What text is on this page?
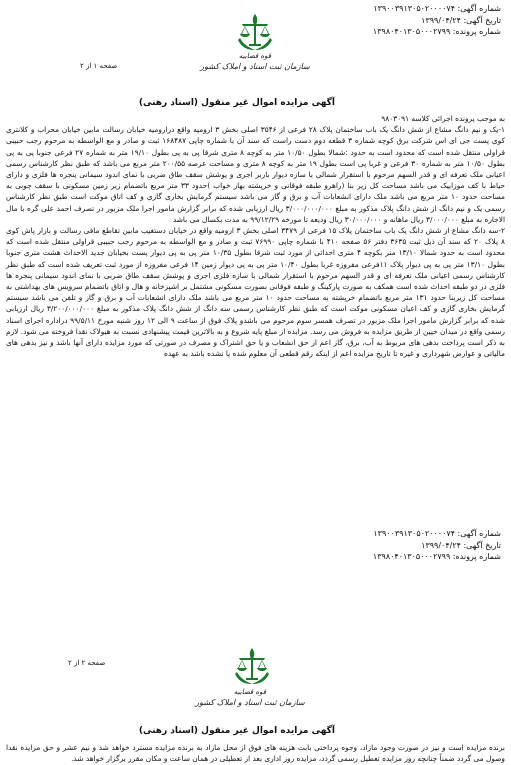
شماره آگهی: ۱۳۹۰۰۳۹۱۳۰۵۰۲۰۰۰۰۷۴
تاریخ آگهی: ۱۳۹۹/۰۴/۲۴
شماره پرونده: ۱۳۹۸۰۴۰۱۳۰۵۰۰۰۲۷۹۹
صفحه ۱ از ۲
قوه قضاییه
سازمان ثبت اسناد و املاک کشور
آگهی مزایده اموال غیر منقول (اسناد رهنی)

به موجب پرونده اجرائی کلاسه ۹۸۰۳۰۹۱

۱-یک و نیم دانگ مشاع از شش دانگ یک باب ساختمان پلاک ۲۸ فرعی از ۳۵۴۶ اصلی بخش ۳ ارومیه واقع درارومیه خیابان رسالت مابین خیابان محراب و کلانتری کوی پست جی ای اس شرکت برق کوچه شماره ۳ قطعه دوم دست راست که سند آن با شماره چاپی ۱۶۸۴۸۷ ثبت و صادر و مع الواسطه به مرحوم رجب حبیبی قراولی منتقل شده است که محدود است به حدود :شمالا بطول ۱۰/۵۰ متر به کوچه ۸ متری شرقا پی به پی بطول ۱۹/۱۰ متر به شماره ۲۷ فرعی جنوبا پی به پی بطول ۱۰/۵۰ متر به شماره ۳۰ فرعی و غربا پی است بطول ۱۹ متر به کوچه ۸ متری و مساحت عرصه ۲۰۰/۵۵ متر مربع می باشد که طبق نظر کارشناس رسمی اعیانی ملک تعرفه ای و قدر السهم مرحوم با استقرار شمالی با سازه دیوار باربر اجری و پوشش سقف طاق ضربی با نمای اندود سیمانی پنجره ها فلزی و دارای حیاط با کف موزاییک می باشد مساحت کل زیر بنا (راهرو طبقه فوقانی و خرپشته بهار خواب )حدود ۳۳ متر مربع باتضمام زیر زمین مسکونی با سقف چوبی به مساحت حدود ۱۰ متر مربع می باشد ملک دارای انشعابات آب و برق و گاز می باشد سیستم گرمایش بخاری گازی و کف اتاق موکت است طبق نظر کارشناس رسمی یک و نیم دانگ از شش دانگ پلاک مذکور به مبلغ ۳/۰۰۰/۰۰۰/۰۰۰ ریال ارزیابی شده که برابر گزارش مامور اجرا ملک مزبور در تصرف احمد علی گره با مال الاجاره به مبلغ ۳/۰۰۰/۰۰۰ ریال ماهانه و ۳۰/۰۰۰/۰۰۰ ریال ودیعه تا مورخه ۹۹/۱۲/۲۹ به مدت یکسال می باشد

۲-سه دانگ مشاع از شش دانگ یک باب ساختمان پلاک ۱۵ فرعی از ۳۴۷۹ اصلی بخش ۳ ارومیه واقع در خیابان دستغیب مابین تقاطع مافی رسالت و بازار پاش کوی ۸ پلاک ۲۰ که سند آن ذیل ثبت ۳۶۳۵ دفتر ۵۶ صفحه ۴۱۰ با شماره چاپی ۷۶۹۹۰ ثبت و صادر و مع الواسطه به مرحوم رجب حبیبی قراولی منتقل شده است که محدود است به حدود شمالا ۱۳/۱۰ متر بکوچه ۴ متری احداثی از مورد ثبت شرقا بطول ۱۰/۳۵ متر پی به پی دیوار پست بخیابان جدید الاحداث هشت متری جنوبا بطول ۱۳/۱۰ متر پی به پی دیوار پلاک ۱۱فرعی مفروزه غربا بطول ۱۰/۴۰ متر پی به پی دیوار زمین ۱۴ فرعی مفروزه از مورد ثبت تعریف شده است که طبق نظر کارشناس رسمی اعیانی ملک تعرفه ای و قدر السهم مرحوم با استقرار شمالی با سازه فلزی اجری و پوشش سقف طاق ضربی با نمای اندود سیمانی پنجره ها فلزی در دو طبقه احداث شده است همکف به صورت پارکینگ و طبقه فوقانی بصورت مسکونی مشتمل بر اشپزخانه و هال و اتاق باتضمام سرویس های بهداشتی به مساحت کل زیربنا حدود ۱۳۱ متر مربع باتضمام خرپشته به مساحت حدود ۱۰ متر مربع می باشد ملک دارای انشعابات آب و برق و گاز و تلفن می باشد سیستم گرمایش بخاری گازی و کف اعیان مسکونی موکت است که طبق نظر کارشناس رسمی سه دانگ از شش دانگ پلاک مذکور به مبلغ ۳/۲۰۰/۰۰۰/۰۰۰ ریال ارزیابی شده که برابر گزارش مامور اجرا ملک مزبور در تصرف همسر سوم مرحوم می باشدو پلاک فوق از ساعت ۹ الی ۱۲ روز شنبه مورخ ۹۹/۵/۱۱ دراداره اجرای اسناد رسمی واقع در میدان خیین از طریق مزایده به فروش می رسد. مزایده از مبلغ پایه شروع و به بالاترین قیمت پیشنهادی نسبت به هیولاک نقدا فروخته می شود. لازم به ذکر است پرداخت بدهی های مربوط به آب، برق، گاز اعم از حق انشعاب و یا حق اشتراک و مصرف در صورتی که مورد مزایده دارای آنها باشد و نیز بدهی های مالیاتی و عوارض شهرداری و غیره تا تاریخ مزایده اعم از اینکه رقم قطعی آن معلوم شده یا نشده باشد به عهده

شماره آگهی: ۱۳۹۰۰۳۹۱۳۰۵۰۲۰۰۰۰۷۴
تاریخ آگهی: ۱۳۹۹/۰۴/۲۴
شماره پرونده: ۱۳۹۸۰۴۰۱۳۰۵۰۰۰۲۷۹۹
صفحه ۲ از ۲
قوه قضاییه
سازمان ثبت اسناد و املاک کشور
آگهی مزایده اموال غیر منقول (اسناد رهنی)

برنده مزایده است و نیز در صورت وجود مازاد، وجوه پرداختی بابت هزینه های فوق از محل مازاد به برنده مزایده مسترد خواهد شد و نیم عشر و حق مزایده نقدا وصول می گردد ضمناً چنانچه روز مزایده تعطیل رسمی گردد، مزایده روز اداری بعد از تعطیلی در همان ساعت و مکان مقرر برگزار خواهد شد.
